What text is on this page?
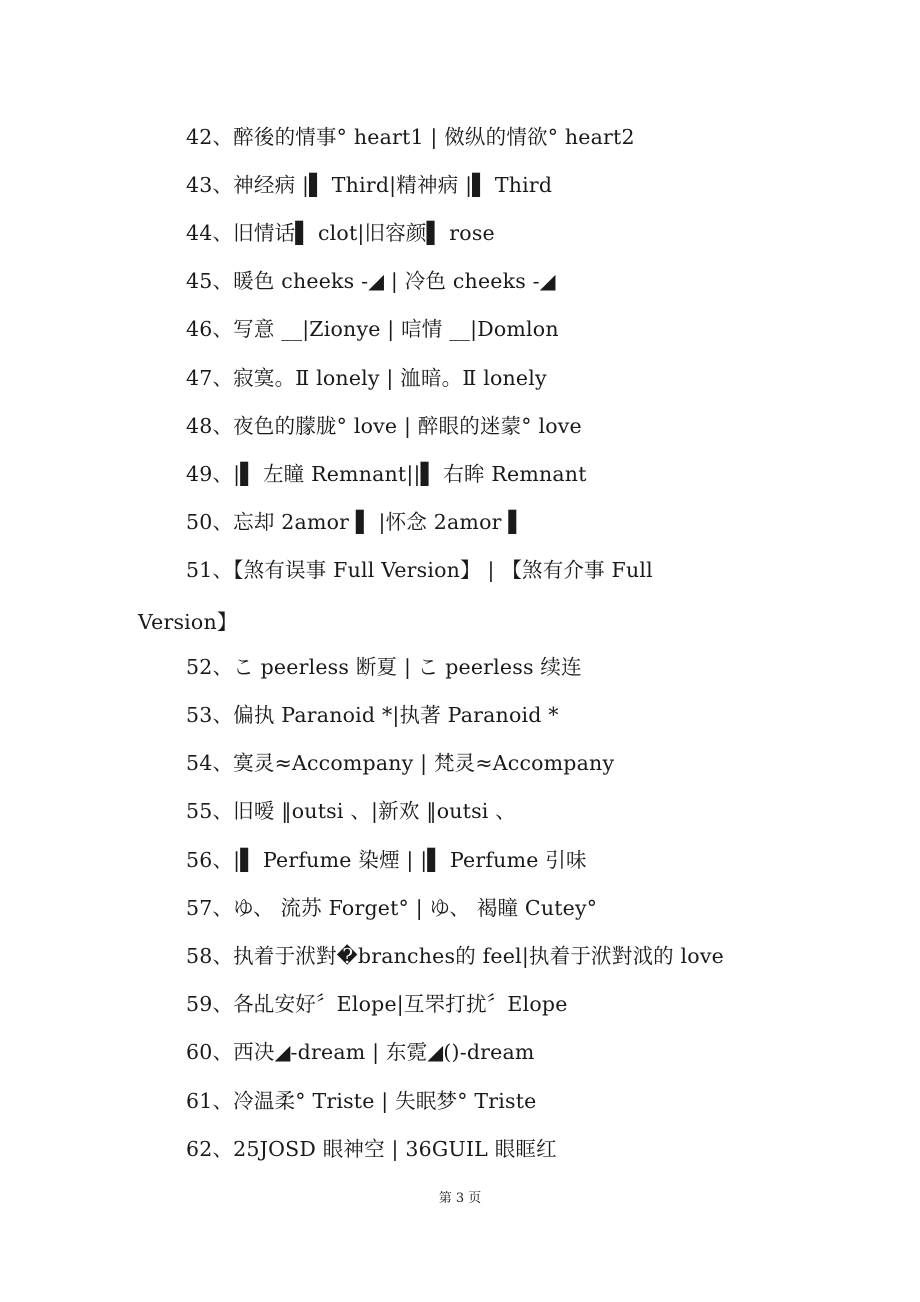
42、醉後的情事° heart1 | 傚纵的情欲° heart2
43、神经病 |▌ Third|精神病 |▌ Third
44、旧情话▌ clot|旧容颜▌ rose
45、暖色 cheeks -◢ | 冷色 cheeks -◢
46、写意 __|Zionye | 唁情 __|Domlon
47、寂寞。Ⅱ lonely | 洫暗。Ⅱ lonely
48、夜色的朦胧° love | 醉眼的迷蒙° love
49、|▌ 左瞳 Remnant||▌ 右眸 Remnant
50、忘却 2amor ▌ |怀念 2amor ▌
51、【煞有误事 Full Version】 | 【煞有介事 Full
Version】
52、こ peerless 断夏 | こ peerless 续连
53、偏执 Paranoid *|执著 Paranoid *
54、寞灵≈Accompany | 梵灵≈Accompany
55、旧嗳 ‖outsi 、|新欢 ‖outsi 、
56、|▌ Perfume 染煙 | |▌ Perfume 引味
57、ゆ、 流苏 Forget° | ゆ、 褐瞳 Cutey°
58、执着于洑對�branches的 feel|执着于洑對泧的 love
59、各乩安好〞Elope|互罘打扰〞Elope
60、西决◢-dream | 东霓◢()-dream
61、冷温柔° Triste | 失眠梦° Triste
62、25JOSD 眼神空 | 36GUIL 眼眶红
第 3 页
